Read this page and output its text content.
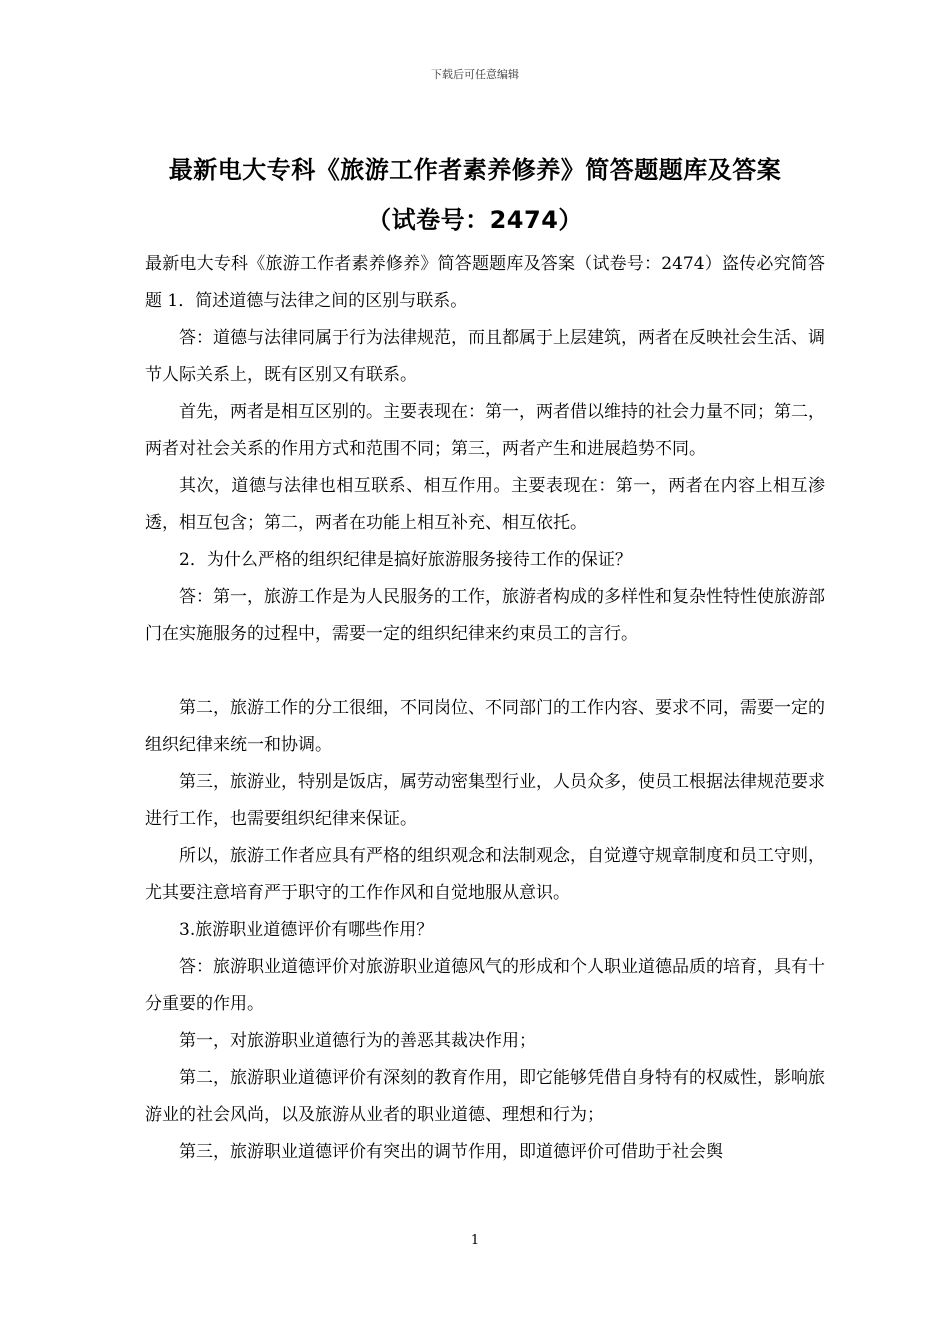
下载后可任意编辑
最新电大专科《旅游工作者素养修养》简答题题库及答案
（试卷号：2474）

最新电大专科《旅游工作者素养修养》简答题题库及答案（试卷号：2474）盗传必究简答题 1．简述道德与法律之间的区别与联系。

答：道德与法律同属于行为法律规范，而且都属于上层建筑，两者在反映社会生活、调节人际关系上，既有区别又有联系。

首先，两者是相互区别的。主要表现在：第一，两者借以维持的社会力量不同；第二，两者对社会关系的作用方式和范围不同；第三，两者产生和进展趋势不同。

其次，道德与法律也相互联系、相互作用。主要表现在：第一，两者在内容上相互渗透，相互包含；第二，两者在功能上相互补充、相互依托。

2．为什么严格的组织纪律是搞好旅游服务接待工作的保证？

答：第一，旅游工作是为人民服务的工作，旅游者构成的多样性和复杂性特性使旅游部门在实施服务的过程中，需要一定的组织纪律来约束员工的言行。

第二，旅游工作的分工很细，不同岗位、不同部门的工作内容、要求不同，需要一定的组织纪律来统一和协调。

第三，旅游业，特别是饭店，属劳动密集型行业，人员众多，使员工根据法律规范要求进行工作，也需要组织纪律来保证。

所以，旅游工作者应具有严格的组织观念和法制观念，自觉遵守规章制度和员工守则，尤其要注意培育严于职守的工作作风和自觉地服从意识。

3.旅游职业道德评价有哪些作用？

答：旅游职业道德评价对旅游职业道德风气的形成和个人职业道德品质的培育，具有十分重要的作用。

第一，对旅游职业道德行为的善恶其裁决作用；

第二，旅游职业道德评价有深刻的教育作用，即它能够凭借自身特有的权威性，影响旅游业的社会风尚，以及旅游从业者的职业道德、理想和行为；

第三，旅游职业道德评价有突出的调节作用，即道德评价可借助于社会舆

1
